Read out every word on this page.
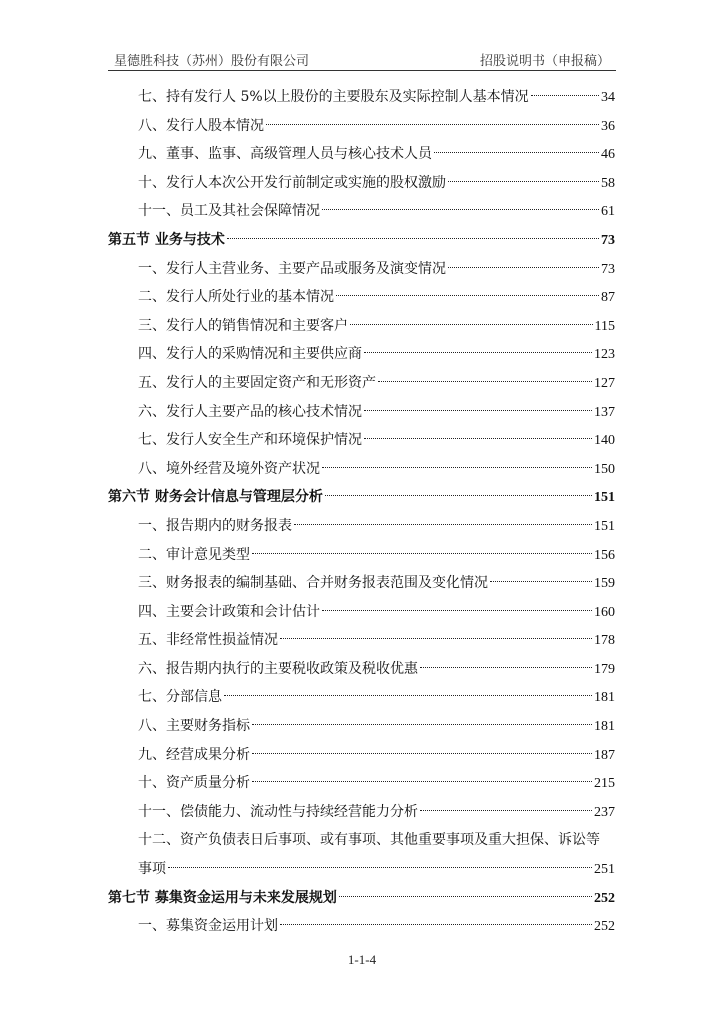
星德胜科技（苏州）股份有限公司	招股说明书（申报稿）
七、持有发行人 5%以上股份的主要股东及实际控制人基本情况	34
八、发行人股本情况	36
九、董事、监事、高级管理人员与核心技术人员	46
十、发行人本次公开发行前制定或实施的股权激励	58
十一、员工及其社会保障情况	61
第五节 业务与技术	73
一、发行人主营业务、主要产品或服务及演变情况	73
二、发行人所处行业的基本情况	87
三、发行人的销售情况和主要客户	115
四、发行人的采购情况和主要供应商	123
五、发行人的主要固定资产和无形资产	127
六、发行人主要产品的核心技术情况	137
七、发行人安全生产和环境保护情况	140
八、境外经营及境外资产状况	150
第六节 财务会计信息与管理层分析	151
一、报告期内的财务报表	151
二、审计意见类型	156
三、财务报表的编制基础、合并财务报表范围及变化情况	159
四、主要会计政策和会计估计	160
五、非经常性损益情况	178
六、报告期内执行的主要税收政策及税收优惠	179
七、分部信息	181
八、主要财务指标	181
九、经营成果分析	187
十、资产质量分析	215
十一、偿债能力、流动性与持续经营能力分析	237
十二、资产负债表日后事项、或有事项、其他重要事项及重大担保、诉讼等
事项	251
第七节 募集资金运用与未来发展规划	252
一、募集资金运用计划	252
1-1-4
